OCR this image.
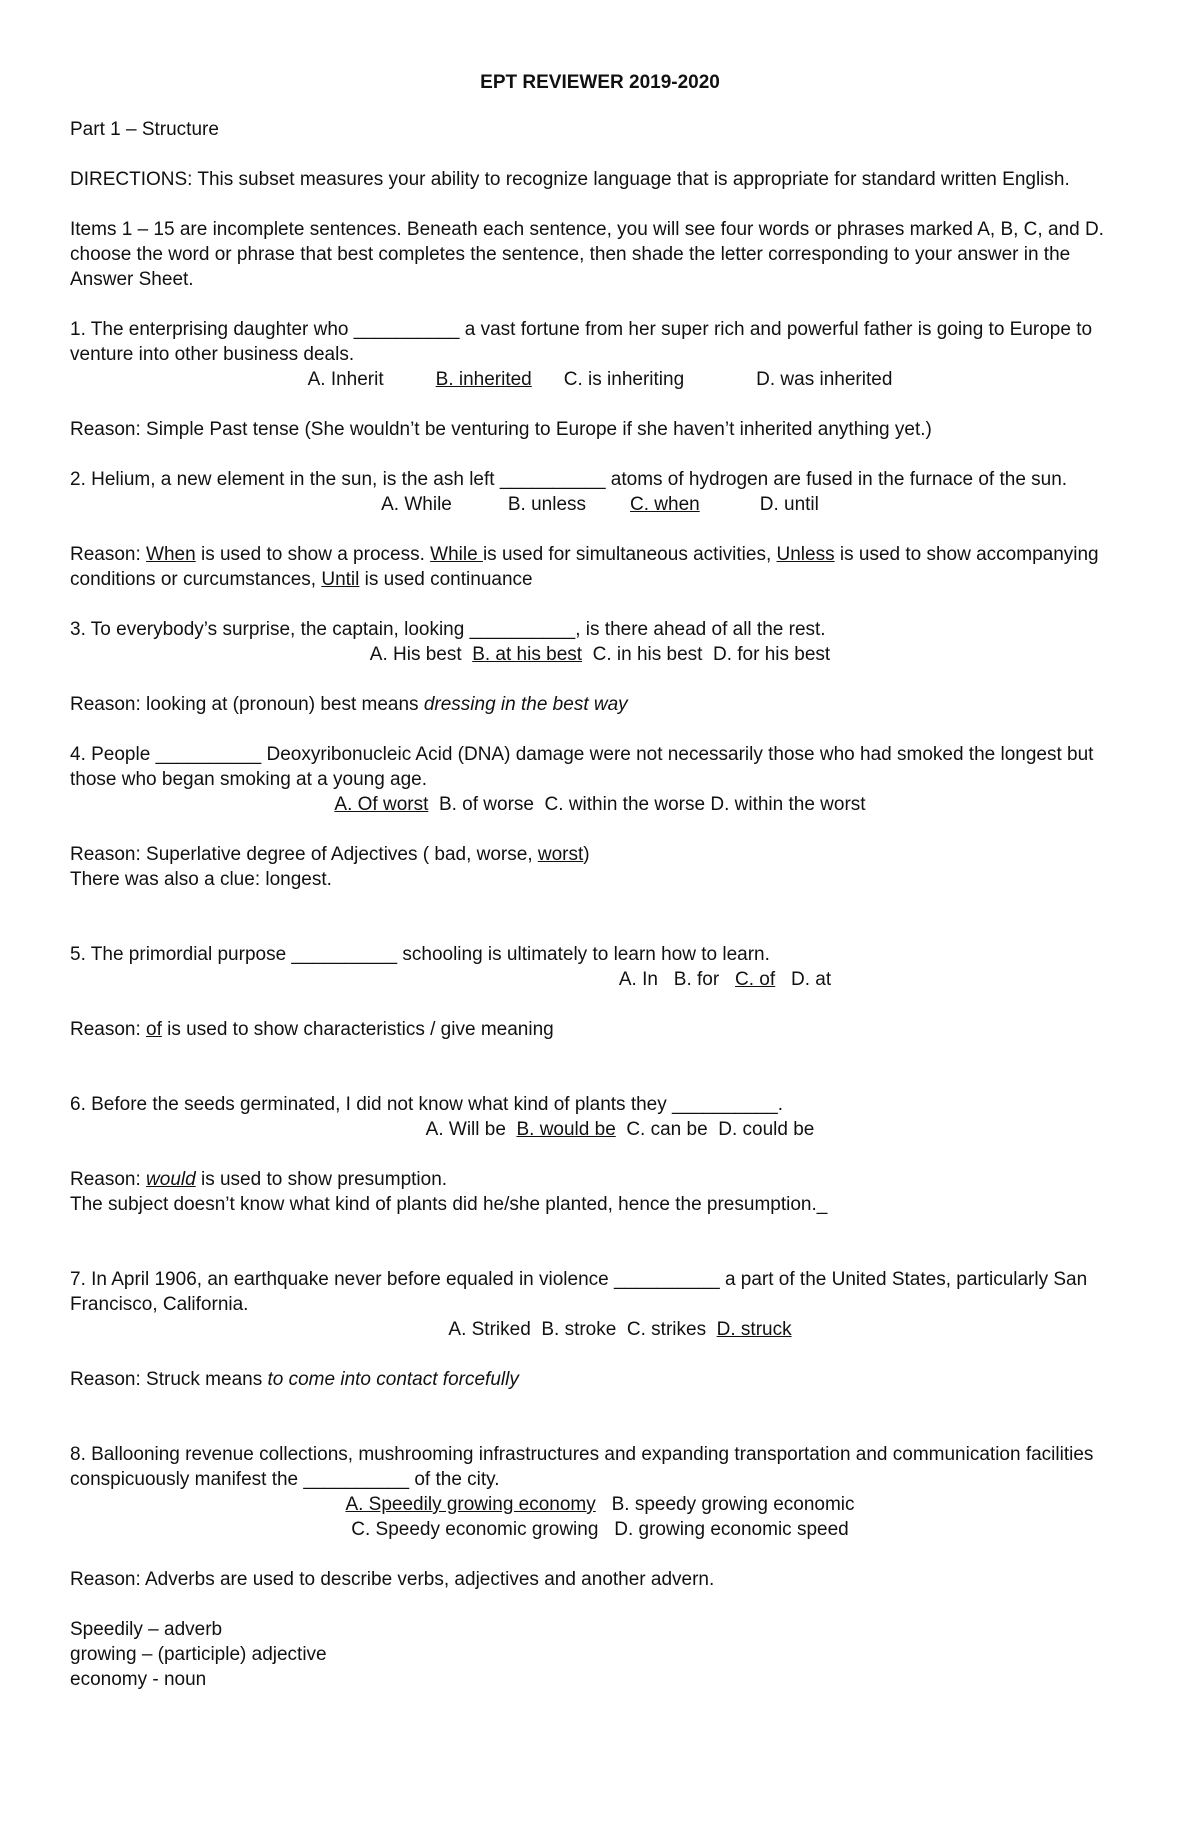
EPT REVIEWER 2019-2020

Part 1 – Structure

DIRECTIONS: This subset measures your ability to recognize language that is appropriate for standard written English.

Items 1 – 15 are incomplete sentences. Beneath each sentence, you will see four words or phrases marked A, B, C, and D. choose the word or phrase that best completes the sentence, then shade the letter corresponding to your answer in the Answer Sheet.

1. The enterprising daughter who __________ a vast fortune from her super rich and powerful father is going to Europe to venture into other business deals.

A. Inherit	B. inherited C. is inheriting	D. was inherited

Reason: Simple Past tense (She wouldn’t be venturing to Europe if she haven’t inherited anything yet.)

2. Helium, a new element in the sun, is the ash left __________ atoms of hydrogen are fused in the furnace of the sun.

A. While	B. unless C. when	D. until

Reason: When is used to show a process. While is used for simultaneous activities, Unless is used to show accompanying conditions or curcumstances, Until is used continuance

3. To everybody’s surprise, the captain, looking __________, is there ahead of all the rest.

A. His best B. at his best C. in his best D. for his best

Reason: looking at (pronoun) best means dressing in the best way

4. People __________ Deoxyribonucleic Acid (DNA) damage were not necessarily those who had smoked the longest but those who began smoking at a young age.

A. Of worst B. of worse C. within the worse D. within the worst

Reason: Superlative degree of Adjectives ( bad, worse, worst)

There was also a clue: longest.

5. The primordial purpose __________ schooling is ultimately to learn how to learn.

A. In B. for C. of D. at

Reason: of is used to show characteristics / give meaning

6. Before the seeds germinated, I did not know what kind of plants they __________.

A. Will be B. would be C. can be D. could be

Reason: would is used to show presumption.

The subject doesn’t know what kind of plants did he/she planted, hence the presumption._

7. In April 1906, an earthquake never before equaled in violence __________ a part of the United States, particularly San Francisco, California.

A. Striked B. stroke C. strikes D. struck

Reason: Struck means to come into contact forcefully

8. Ballooning revenue collections, mushrooming infrastructures and expanding transportation and communication facilities conspicuously manifest the __________ of the city.

A. Speedily growing economy B. speedy growing economic

C. Speedy economic growing D. growing economic speed

Reason: Adverbs are used to describe verbs, adjectives and another advern.

Speedily – adverb

growing – (participle) adjective

economy - noun
